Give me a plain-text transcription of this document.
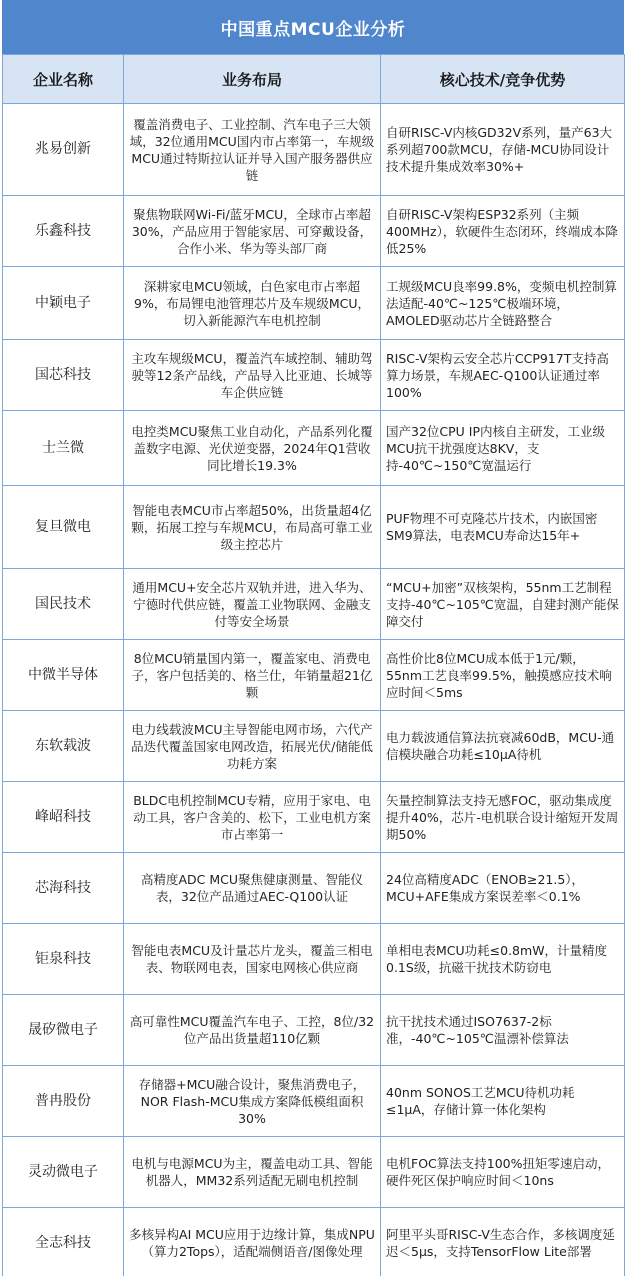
中国重点MCU企业分析
企业名称	业务布局	核心技术/竞争优势
兆易创新	覆盖消费电子、工业控制、汽车电子三大领域，32位通用MCU国内市占率第一，车规级MCU通过特斯拉认证并导入国产服务器供应链	自研RISC-V内核GD32V系列，量产63大系列超700款MCU，存储-MCU协同设计技术提升集成效率30%+
乐鑫科技	聚焦物联网Wi-Fi/蓝牙MCU，全球市占率超30%，产品应用于智能家居、可穿戴设备，合作小米、华为等头部厂商	自研RISC-V架构ESP32系列（主频400MHz），软硬件生态闭环，终端成本降低25%
中颖电子	深耕家电MCU领域，白色家电市占率超9%，布局锂电池管理芯片及车规级MCU，切入新能源汽车电机控制	工规级MCU良率99.8%，变频电机控制算法适配-40℃~125℃极端环境，AMOLED驱动芯片全链路整合
国芯科技	主攻车规级MCU，覆盖汽车域控制、辅助驾驶等12条产品线，产品导入比亚迪、长城等车企供应链	RISC-V架构云安全芯片CCP917T支持高算力场景，车规AEC-Q100认证通过率100%
士兰微	电控类MCU聚焦工业自动化，产品系列化覆盖数字电源、光伏逆变器，2024年Q1营收同比增长19.3%	国产32位CPU IP内核自主研发，工业级MCU抗干扰强度达8KV，支持-40℃~150℃宽温运行
复旦微电	智能电表MCU市占率超50%，出货量超4亿颗，拓展工控与车规MCU，布局高可靠工业级主控芯片	PUF物理不可克隆芯片技术，内嵌国密SM9算法，电表MCU寿命达15年+
国民技术	通用MCU+安全芯片双轨并进，进入华为、宁德时代供应链，覆盖工业物联网、金融支付等安全场景	“MCU+加密”双核架构，55nm工艺制程支持-40℃~105℃宽温，自建封测产能保障交付
中微半导体	8位MCU销量国内第一，覆盖家电、消费电子，客户包括美的、格兰仕，年销量超21亿颗	高性价比8位MCU成本低于1元/颗，55nm工艺良率99.5%，触摸感应技术响应时间＜5ms
东软载波	电力线载波MCU主导智能电网市场，六代产品迭代覆盖国家电网改造，拓展光伏/储能低功耗方案	电力载波通信算法抗衰减60dB，MCU-通信模块融合功耗≤10μA待机
峰岹科技	BLDC电机控制MCU专精，应用于家电、电动工具，客户含美的、松下，工业电机方案市占率第一	矢量控制算法支持无感FOC，驱动集成度提升40%，芯片-电机联合设计缩短开发周期50%
芯海科技	高精度ADC MCU聚焦健康测量、智能仪表，32位产品通过AEC-Q100认证	24位高精度ADC（ENOB≥21.5），MCU+AFE集成方案误差率＜0.1%
钜泉科技	智能电表MCU及计量芯片龙头，覆盖三相电表、物联网电表，国家电网核心供应商	单相电表MCU功耗≤0.8mW，计量精度0.1S级，抗磁干扰技术防窃电
晟矽微电子	高可靠性MCU覆盖汽车电子、工控，8位/32位产品出货量超110亿颗	抗干扰技术通过ISO7637-2标准，-40℃~105℃温漂补偿算法
普冉股份	存储器+MCU融合设计，聚焦消费电子，NOR Flash-MCU集成方案降低模组面积30%	40nm SONOS工艺MCU待机功耗≤1μA，存储计算一体化架构
灵动微电子	电机与电源MCU为主，覆盖电动工具、智能机器人，MM32系列适配无刷电机控制	电机FOC算法支持100%扭矩零速启动，硬件死区保护响应时间＜10ns
全志科技	多核异构AI MCU应用于边缘计算，集成NPU（算力2Tops），适配端侧语音/图像处理	阿里平头哥RISC-V生态合作，多核调度延迟＜5μs，支持TensorFlow Lite部署
